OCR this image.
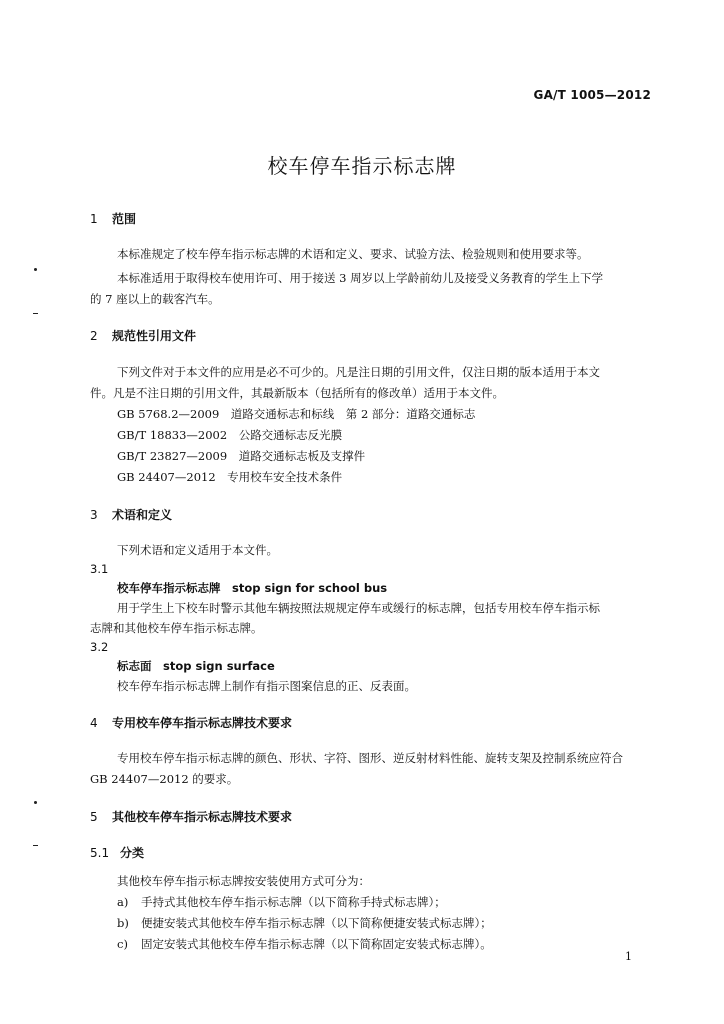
GA/T 1005—2012
校车停车指示标志牌
1 范围
本标准规定了校车停车指示标志牌的术语和定义、要求、试验方法、检验规则和使用要求等。
本标准适用于取得校车使用许可、用于接送 3 周岁以上学龄前幼儿及接受义务教育的学生上下学
的 7 座以上的载客汽车。
2 规范性引用文件
下列文件对于本文件的应用是必不可少的。凡是注日期的引用文件，仅注日期的版本适用于本文
件。凡是不注日期的引用文件，其最新版本（包括所有的修改单）适用于本文件。
GB 5768.2—2009　道路交通标志和标线　第 2 部分：道路交通标志
GB/T 18833—2002　公路交通标志反光膜
GB/T 23827—2009　道路交通标志板及支撑件
GB 24407—2012　专用校车安全技术条件
3 术语和定义
下列术语和定义适用于本文件。
3.1
校车停车指示标志牌　stop sign for school bus
用于学生上下校车时警示其他车辆按照法规规定停车或缓行的标志牌，包括专用校车停车指示标
志牌和其他校车停车指示标志牌。
3.2
标志面　stop sign surface
校车停车指示标志牌上制作有指示图案信息的正、反表面。
4 专用校车停车指示标志牌技术要求
专用校车停车指示标志牌的颜色、形状、字符、图形、逆反射材料性能、旋转支架及控制系统应符合
GB 24407—2012 的要求。
5 其他校车停车指示标志牌技术要求
5.1 分类
其他校车停车指示标志牌按安装使用方式可分为：
a) 手持式其他校车停车指示标志牌（以下简称手持式标志牌）；
b) 便捷安装式其他校车停车指示标志牌（以下简称便捷安装式标志牌）；
c) 固定安装式其他校车停车指示标志牌（以下简称固定安装式标志牌）。
1
